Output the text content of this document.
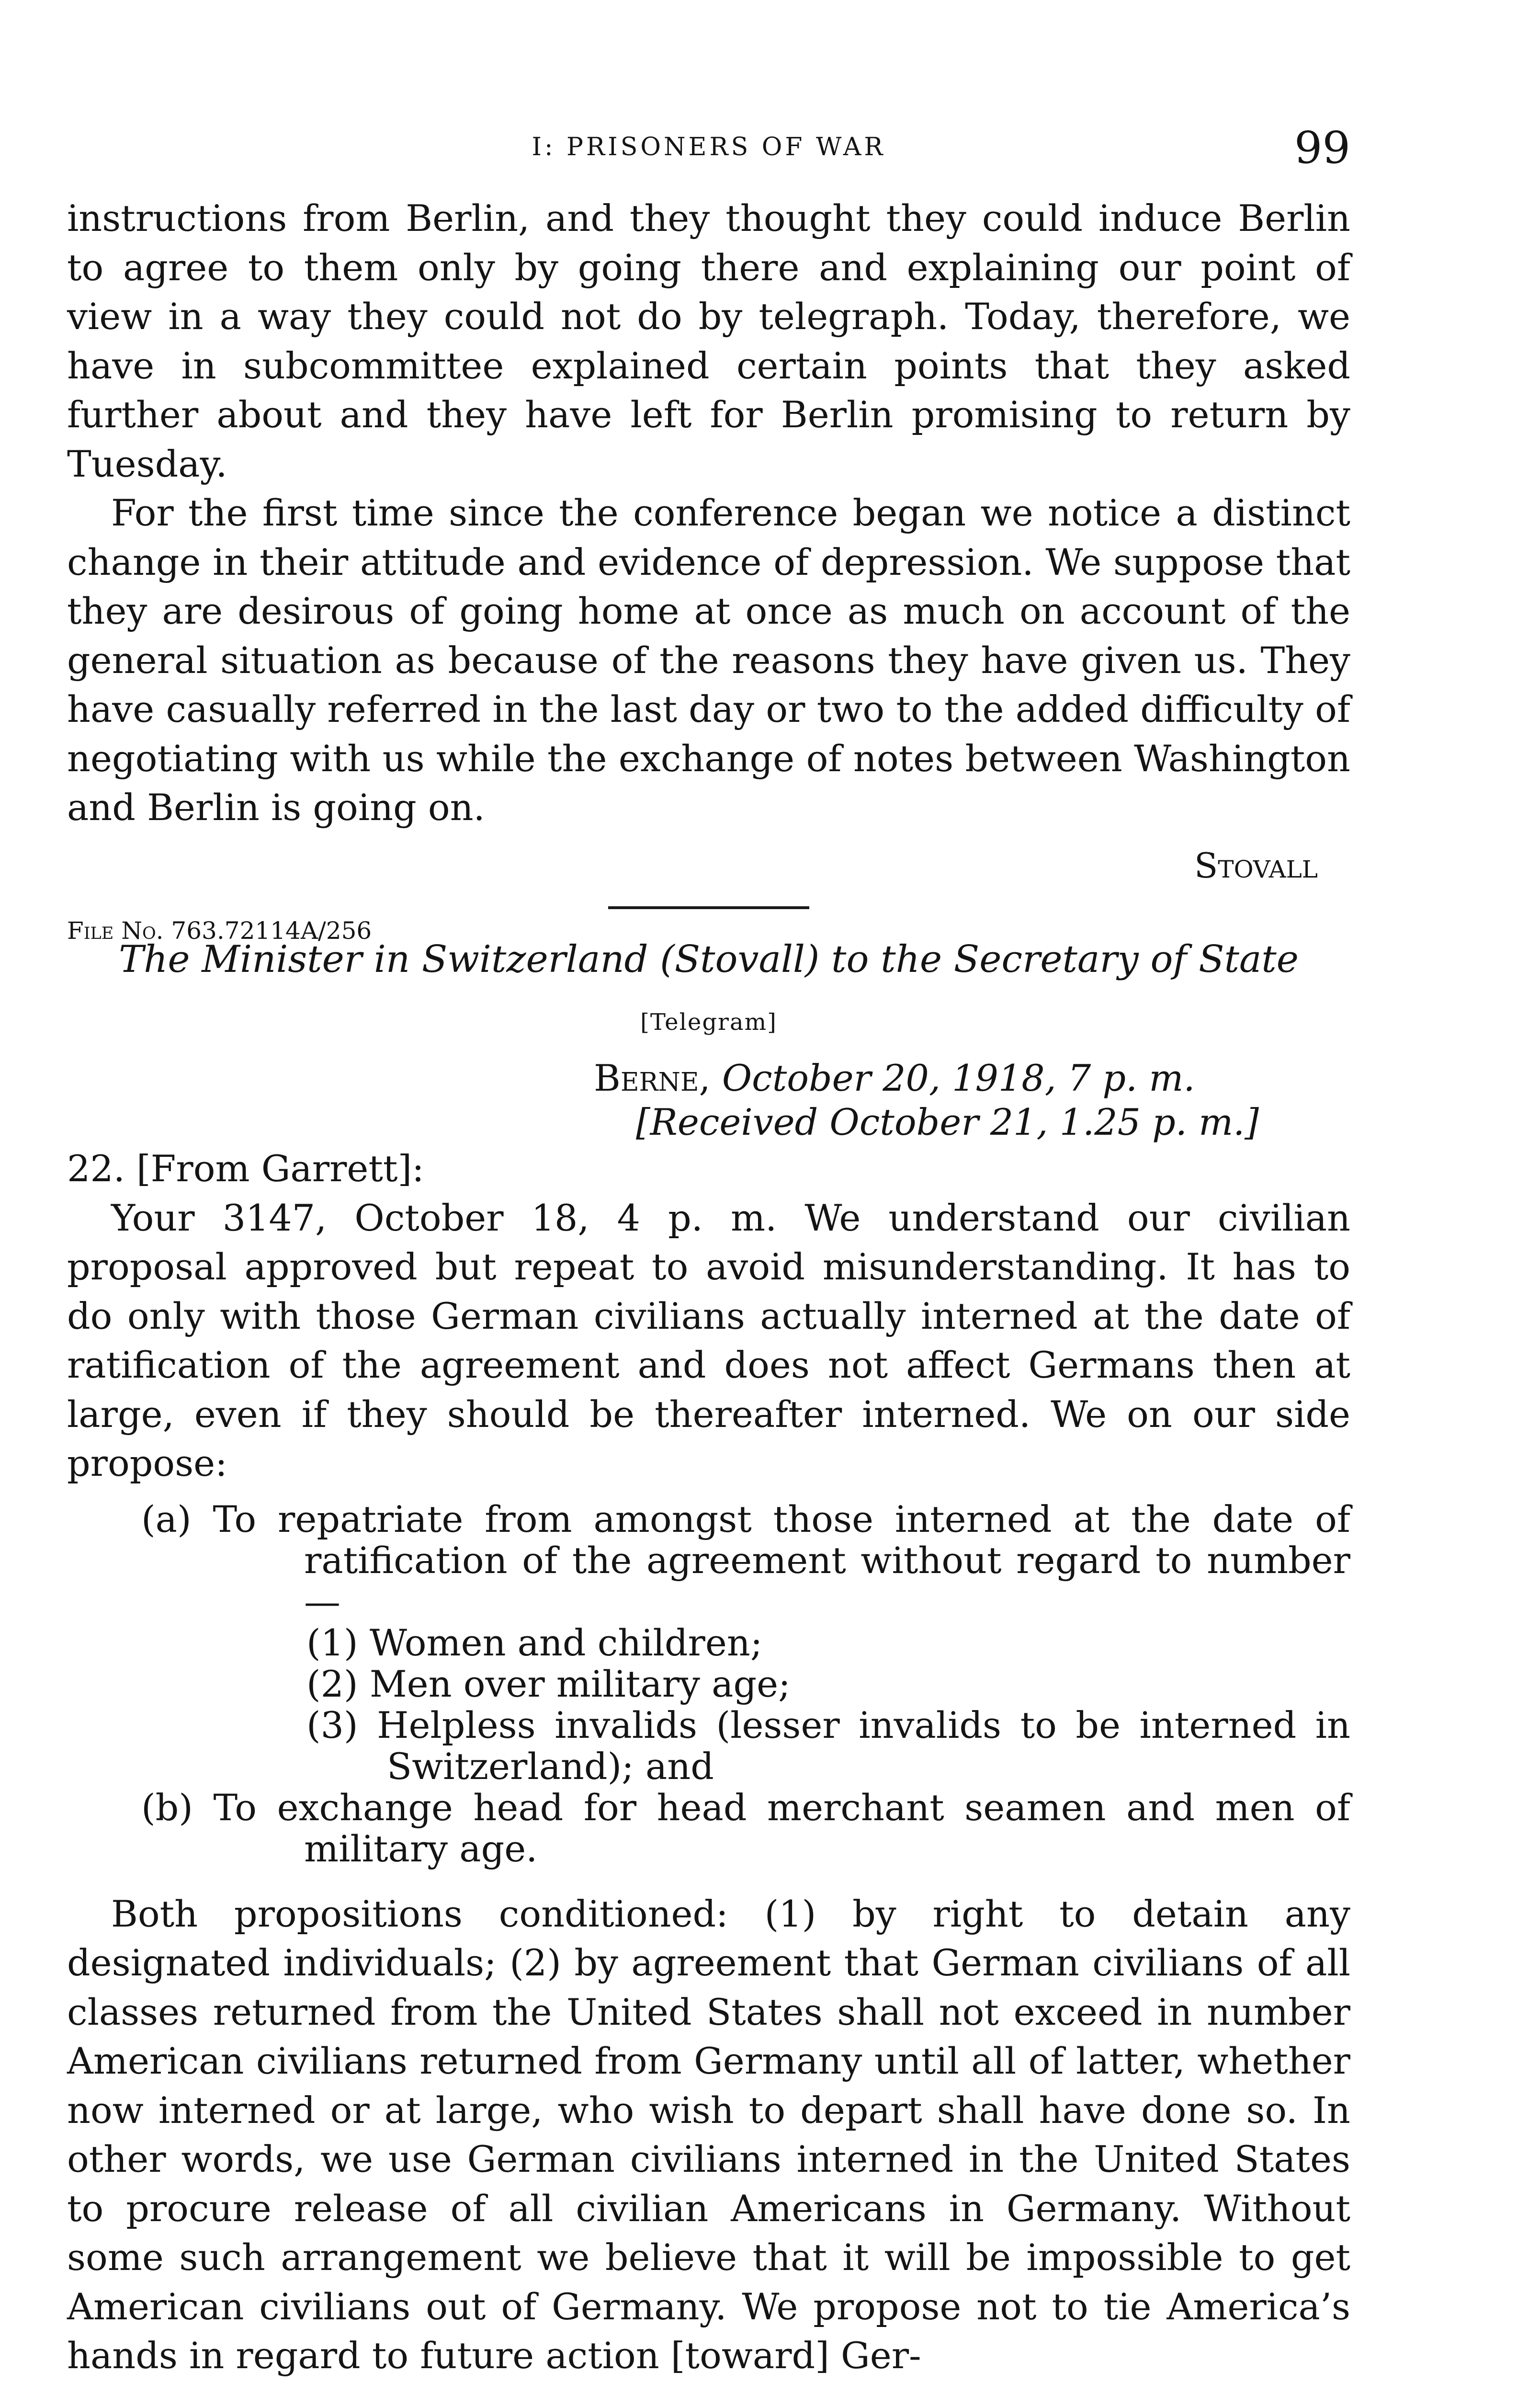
I: PRISONERS OF WAR	99

instructions from Berlin, and they thought they could induce Berlin to agree to them only by going there and explaining our point of view in a way they could not do by telegraph. Today, therefore, we have in subcommittee explained certain points that they asked further about and they have left for Berlin promising to return by Tuesday.

For the first time since the conference began we notice a distinct change in their attitude and evidence of depression. We suppose that they are desirous of going home at once as much on account of the general situation as because of the reasons they have given us. They have casually referred in the last day or two to the added difficulty of negotiating with us while the exchange of notes between Washington and Berlin is going on.

Stovall
File No. 763.72114A/256
The Minister in Switzerland (Stovall) to the Secretary of State
[Telegram]
Berne, October 20, 1918, 7 p. m.
[Received October 21, 1.25 p. m.]

22. [From Garrett]:

Your 3147, October 18, 4 p. m. We understand our civilian proposal approved but repeat to avoid misunderstanding. It has to do only with those German civilians actually interned at the date of ratification of the agreement and does not affect Germans then at large, even if they should be thereafter interned. We on our side propose:

(a) To repatriate from amongst those interned at the date of ratification of the agreement without regard to number—
(1) Women and children;
(2) Men over military age;
(3) Helpless invalids (lesser invalids to be interned in Switzerland); and
(b) To exchange head for head merchant seamen and men of military age.

Both propositions conditioned: (1) by right to detain any designated individuals; (2) by agreement that German civilians of all classes returned from the United States shall not exceed in number American civilians returned from Germany until all of latter, whether now interned or at large, who wish to depart shall have done so. In other words, we use German civilians interned in the United States to procure release of all civilian Americans in Germany. Without some such arrangement we believe that it will be impossible to get American civilians out of Germany. We propose not to tie America’s hands in regard to future action [toward] Ger-
